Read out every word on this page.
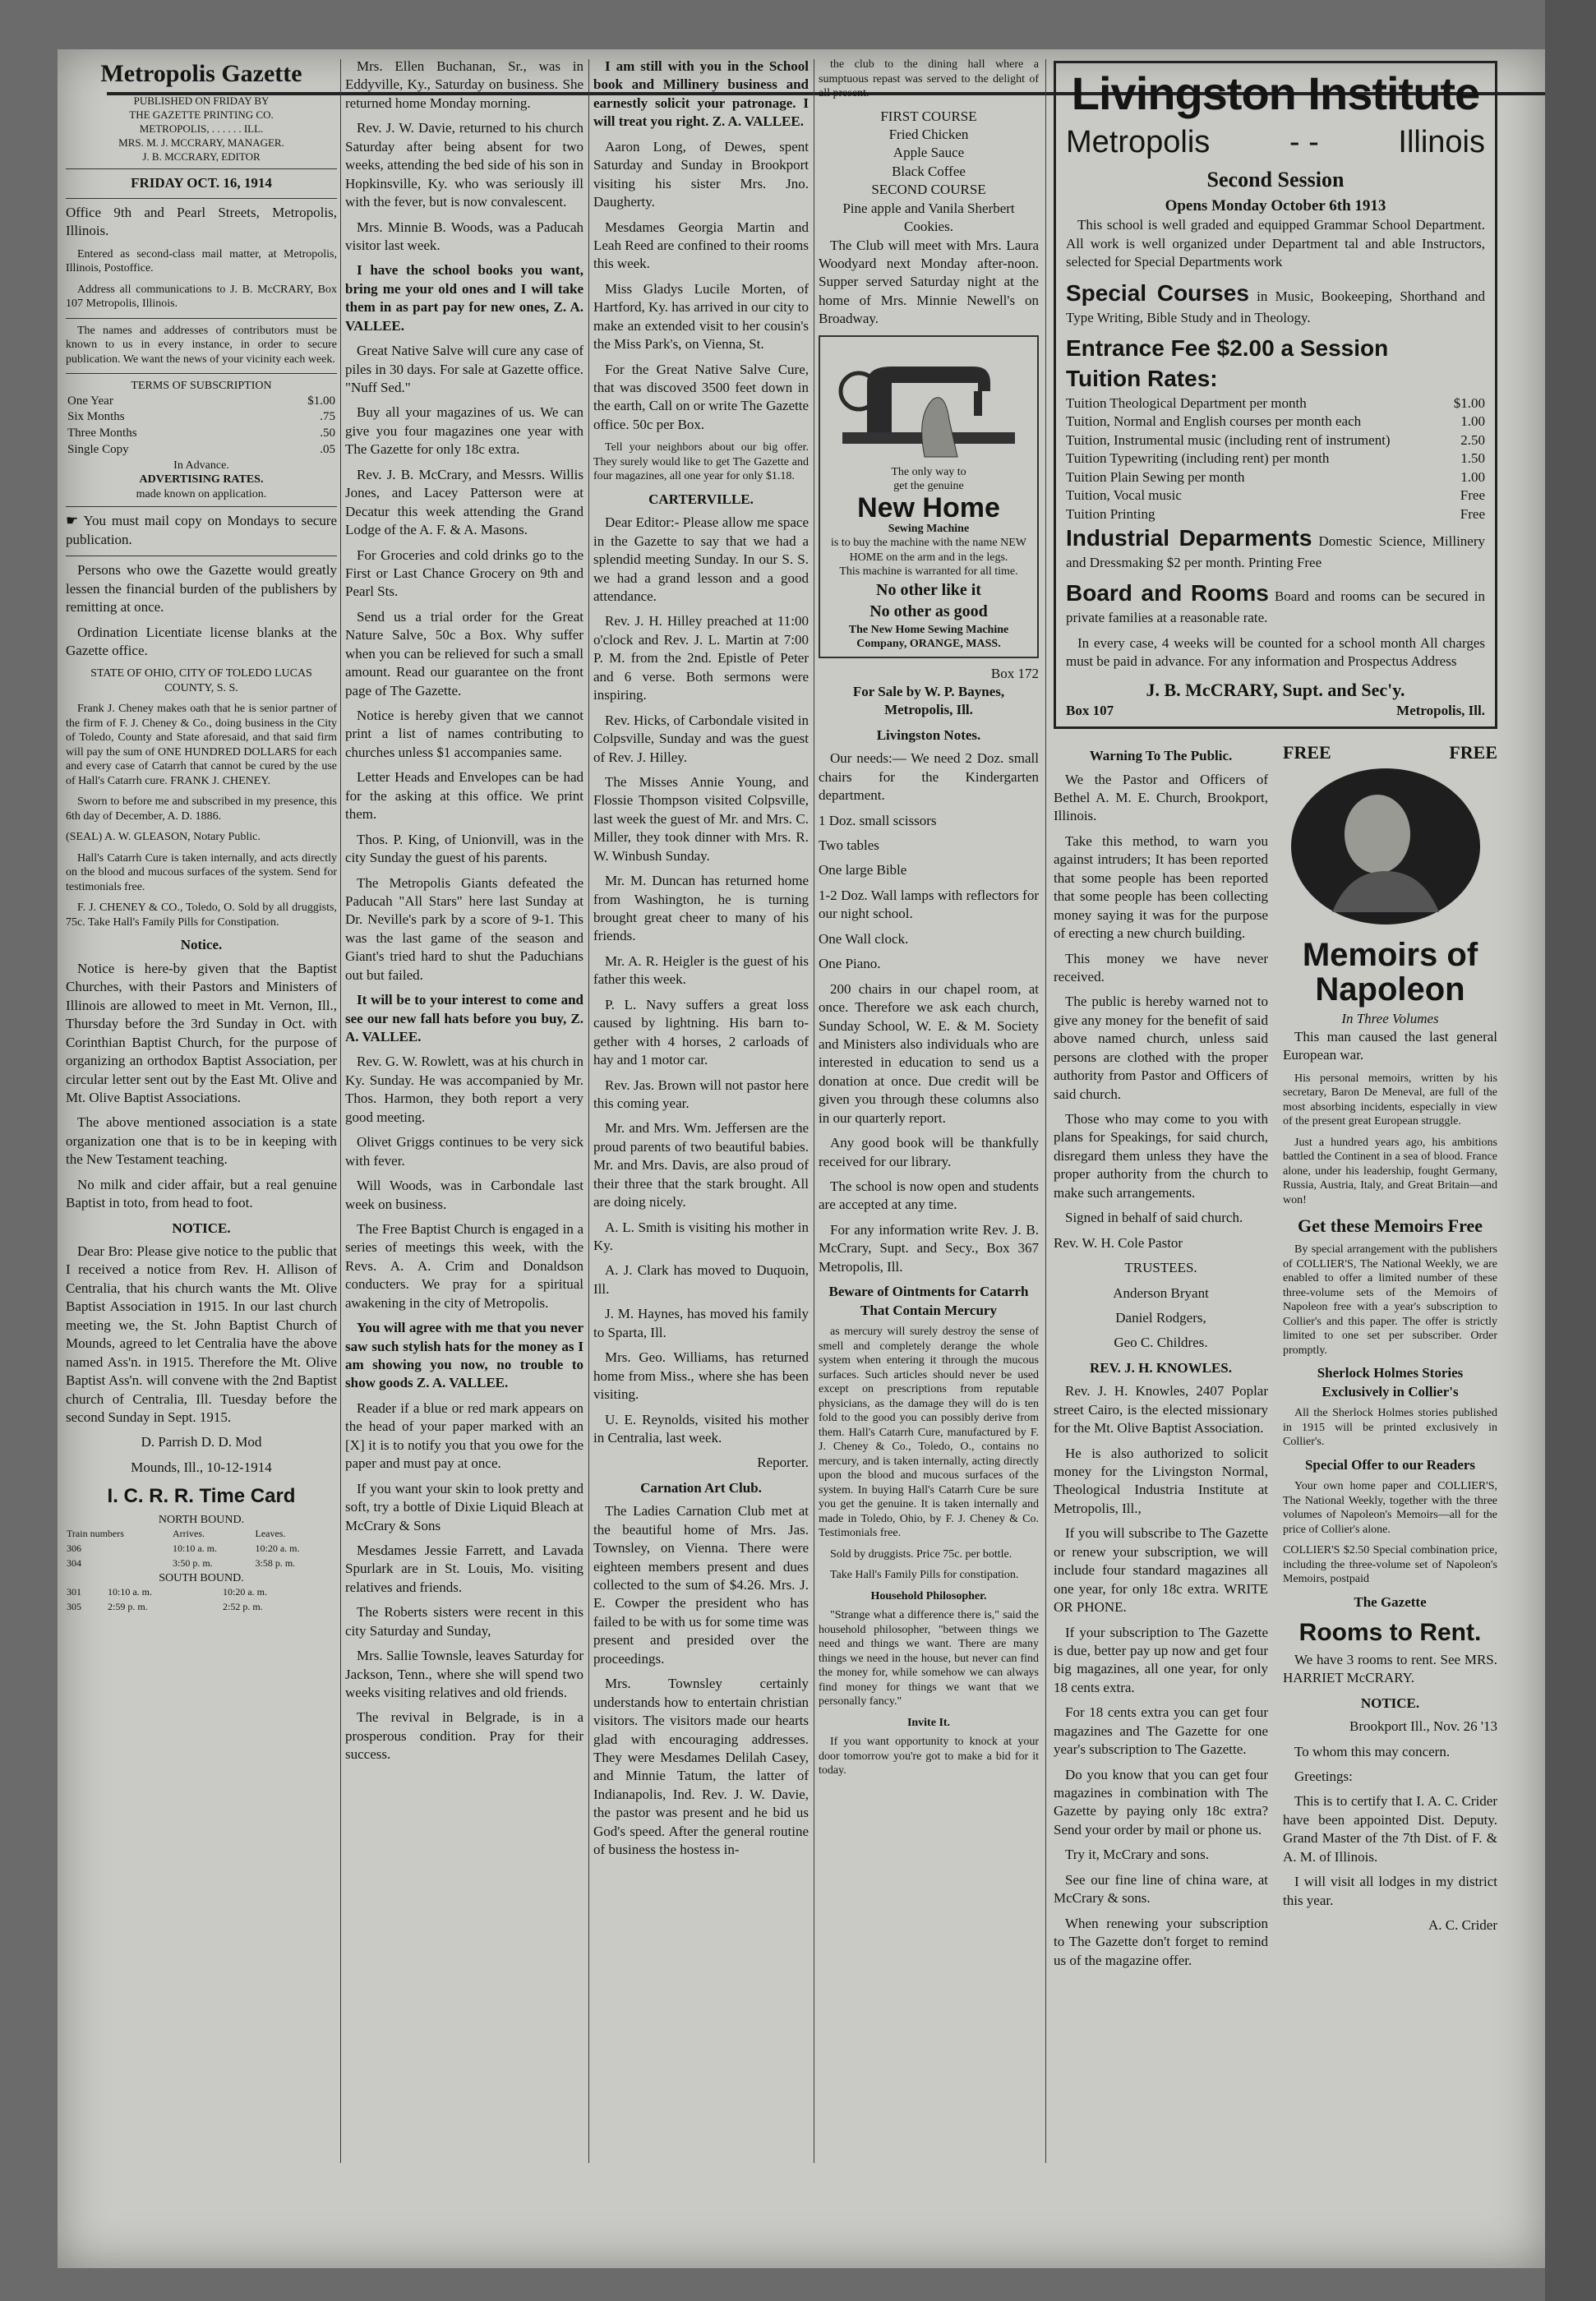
Metropolis Gazette
PUBLISHED ON FRIDAY BY
THE GAZETTE PRINTING CO.
METROPOLIS, . . . . . . ILL.
MRS. M. J. MCCRARY, MANAGER.
J. B. MCCRARY, EDITOR
FRIDAY OCT. 16, 1914

Office 9th and Pearl Streets, Metropolis, Illinois.

Entered as second-class mail matter, at Metropolis, Illinois, Postoffice.

Address all communications to J. B. McCRARY, Box 107 Metropolis, Illinois.

The names and addresses of contributors must be known to us in every instance, in order to secure publication. We want the news of your vicinity each week.

TERMS OF SUBSCRIPTION
One Year	$1.00
Six Months	.75
Three Months	.50
Single Copy	.05
In Advance.
ADVERTISING RATES.
made known on application.

☛ You must mail copy on Mondays to secure publication.

Persons who owe the Gazette would greatly lessen the financial burden of the publishers by remitting at once.

Ordination Licentiate license blanks at the Gazette office.

STATE OF OHIO, CITY OF TOLEDO LUCAS COUNTY, S. S.

Frank J. Cheney makes oath that he is senior partner of the firm of F. J. Cheney & Co., doing business in the City of Toledo, County and State aforesaid, and that said firm will pay the sum of ONE HUNDRED DOLLARS for each and every case of Catarrh that cannot be cured by the use of Hall's Catarrh cure. FRANK J. CHENEY.

Sworn to before me and subscribed in my presence, this 6th day of December, A. D. 1886.

(SEAL) A. W. GLEASON, Notary Public.

Hall's Catarrh Cure is taken internally, and acts directly on the blood and mucous surfaces of the system. Send for testimonials free.

F. J. CHENEY & CO., Toledo, O. Sold by all druggists, 75c. Take Hall's Family Pills for Constipation.

Notice.

Notice is here-by given that the Baptist Churches, with their Pastors and Ministers of Illinois are allowed to meet in Mt. Vernon, Ill., Thursday before the 3rd Sunday in Oct. with Corinthian Baptist Church, for the purpose of organizing an orthodox Baptist Association, per circular letter sent out by the East Mt. Olive and Mt. Olive Baptist Associations.

The above mentioned association is a state organization one that is to be in keeping with the New Testament teaching.

No milk and cider affair, but a real genuine Baptist in toto, from head to foot.

NOTICE.

Dear Bro: Please give notice to the public that I received a notice from Rev. H. Allison of Centralia, that his church wants the Mt. Olive Baptist Association in 1915. In our last church meeting we, the St. John Baptist Church of Mounds, agreed to let Centralia have the above named Ass'n. in 1915. Therefore the Mt. Olive Baptist Ass'n. will convene with the 2nd Baptist church of Centralia, Ill. Tuesday before the second Sunday in Sept. 1915.

D. Parrish D. D. Mod

Mounds, Ill., 10-12-1914

I. C. R. R. Time Card
NORTH BOUND.
Train numbers	Arrives.	Leaves.
306	10:10 a. m.	10:20 a. m.
304	3:50 p. m.	3:58 p. m.
SOUTH BOUND.
301	10:10 a. m.	10:20 a. m.
305	2:59 p. m.	2:52 p. m.

Mrs. Ellen Buchanan, Sr., was in Eddyville, Ky., Saturday on business. She returned home Monday morning.

Rev. J. W. Davie, returned to his church Saturday after being absent for two weeks, attending the bed side of his son in Hopkinsville, Ky. who was seriously ill with the fever, but is now convalescent.

Mrs. Minnie B. Woods, was a Paducah visitor last week.

I have the school books you want, bring me your old ones and I will take them in as part pay for new ones, Z. A. VALLEE.

Great Native Salve will cure any case of piles in 30 days. For sale at Gazette office. "Nuff Sed."

Buy all your magazines of us. We can give you four magazines one year with The Gazette for only 18c extra.

Rev. J. B. McCrary, and Messrs. Willis Jones, and Lacey Patterson were at Decatur this week attending the Grand Lodge of the A. F. & A. Masons.

For Groceries and cold drinks go to the First or Last Chance Grocery on 9th and Pearl Sts.

Send us a trial order for the Great Nature Salve, 50c a Box. Why suffer when you can be relieved for such a small amount. Read our guarantee on the front page of The Gazette.

Notice is hereby given that we cannot print a list of names contributing to churches unless $1 accompanies same.

Letter Heads and Envelopes can be had for the asking at this office. We print them.

Thos. P. King, of Unionvill, was in the city Sunday the guest of his parents.

The Metropolis Giants defeated the Paducah "All Stars" here last Sunday at Dr. Neville's park by a score of 9-1. This was the last game of the season and Giant's tried hard to shut the Paduchians out but failed.

It will be to your interest to come and see our new fall hats before you buy, Z. A. VALLEE.

Rev. G. W. Rowlett, was at his church in Ky. Sunday. He was accompanied by Mr. Thos. Harmon, they both report a very good meeting.

Olivet Griggs continues to be very sick with fever.

Will Woods, was in Carbondale last week on business.

The Free Baptist Church is engaged in a series of meetings this week, with the Revs. A. A. Crim and Donaldson conducters. We pray for a spiritual awakening in the city of Metropolis.

You will agree with me that you never saw such stylish hats for the money as I am showing you now, no trouble to show goods Z. A. VALLEE.

Reader if a blue or red mark appears on the head of your paper marked with an [X] it is to notify you that you owe for the paper and must pay at once.

If you want your skin to look pretty and soft, try a bottle of Dixie Liquid Bleach at McCrary & Sons

Mesdames Jessie Farrett, and Lavada Spurlark are in St. Louis, Mo. visiting relatives and friends.

The Roberts sisters were recent in this city Saturday and Sunday,

Mrs. Sallie Townsle, leaves Saturday for Jackson, Tenn., where she will spend two weeks visiting relatives and old friends.

The revival in Belgrade, is in a prosperous condition. Pray for their success.

I am still with you in the School book and Millinery business and earnestly solicit your patronage. I will treat you right. Z. A. VALLEE.

Aaron Long, of Dewes, spent Saturday and Sunday in Brookport visiting his sister Mrs. Jno. Daugherty.

Mesdames Georgia Martin and Leah Reed are confined to their rooms this week.

Miss Gladys Lucile Morten, of Hartford, Ky. has arrived in our city to make an extended visit to her cousin's the Miss Park's, on Vienna, St.

For the Great Native Salve Cure, that was discoved 3500 feet down in the earth, Call on or write The Gazette office. 50c per Box.

Tell your neighbors about our big offer. They surely would like to get The Gazette and four magazines, all one year for only $1.18.

CARTERVILLE.

Dear Editor:- Please allow me space in the Gazette to say that we had a splendid meeting Sunday. In our S. S. we had a grand lesson and a good attendance.

Rev. J. H. Hilley preached at 11:00 o'clock and Rev. J. L. Martin at 7:00 P. M. from the 2nd. Epistle of Peter and 6 verse. Both sermons were inspiring.

Rev. Hicks, of Carbondale visited in Colpsville, Sunday and was the guest of Rev. J. Hilley.

The Misses Annie Young, and Flossie Thompson visited Colpsville, last week the guest of Mr. and Mrs. C. Miller, they took dinner with Mrs. R. W. Winbush Sunday.

Mr. M. Duncan has returned home from Washington, he is turning brought great cheer to many of his friends.

Mr. A. R. Heigler is the guest of his father this week.

P. L. Navy suffers a great loss caused by lightning. His barn to-gether with 4 horses, 2 carloads of hay and 1 motor car.

Rev. Jas. Brown will not pastor here this coming year.

Mr. and Mrs. Wm. Jeffersen are the proud parents of two beautiful babies. Mr. and Mrs. Davis, are also proud of their three that the stark brought. All are doing nicely.

A. L. Smith is visiting his mother in Ky.

A. J. Clark has moved to Duquoin, Ill.

J. M. Haynes, has moved his family to Sparta, Ill.

Mrs. Geo. Williams, has returned home from Miss., where she has been visiting.

U. E. Reynolds, visited his mother in Centralia, last week.

Reporter.

Carnation Art Club.

The Ladies Carnation Club met at the beautiful home of Mrs. Jas. Townsley, on Vienna. There were eighteen members present and dues collected to the sum of $4.26. Mrs. J. E. Cowper the president who has failed to be with us for some time was present and presided over the proceedings.

Mrs. Townsley certainly understands how to entertain christian visitors. The visitors made our hearts glad with encouraging addresses. They were Mesdames Delilah Casey, and Minnie Tatum, the latter of Indianapolis, Ind. Rev. J. W. Davie, the pastor was present and he bid us God's speed. After the general routine of business the hostess in-

the club to the dining hall where a sumptuous repast was served to the delight of all present.

FIRST COURSE
Fried Chicken
Apple Sauce
Black Coffee
SECOND COURSE
Pine apple and Vanila Sherbert
Cookies.

The Club will meet with Mrs. Laura Woodyard next Monday after-noon. Supper served Saturday night at the home of Mrs. Minnie Newell's on Broadway.

The only way to
get the genuine
New Home
Sewing Machine
is to buy the machine with the name NEW HOME on the arm and in the legs.
This machine is warranted for all time.
No other like it
No other as good
The New Home Sewing Machine Company, ORANGE, MASS.
Box 172
For Sale by W. P. Baynes, Metropolis, Ill.
Livingston Notes.

Our needs:— We need 2 Doz. small chairs for the Kindergarten department.

1 Doz. small scissors

Two tables

One large Bible

1-2 Doz. Wall lamps with reflectors for our night school.

One Wall clock.

One Piano.

200 chairs in our chapel room, at once. Therefore we ask each church, Sunday School, W. E. & M. Society and Ministers also individuals who are interested in education to send us a donation at once. Due credit will be given you through these columns also in our quarterly report.

Any good book will be thankfully received for our library.

The school is now open and students are accepted at any time.

For any information write Rev. J. B. McCrary, Supt. and Secy., Box 367 Metropolis, Ill.

Beware of Ointments for Catarrh That Contain Mercury

as mercury will surely destroy the sense of smell and completely derange the whole system when entering it through the mucous surfaces. Such articles should never be used except on prescriptions from reputable physicians, as the damage they will do is ten fold to the good you can possibly derive from them. Hall's Catarrh Cure, manufactured by F. J. Cheney & Co., Toledo, O., contains no mercury, and is taken internally, acting directly upon the blood and mucous surfaces of the system. In buying Hall's Catarrh Cure be sure you get the genuine. It is taken internally and made in Toledo, Ohio, by F. J. Cheney & Co. Testimonials free.

Sold by druggists. Price 75c. per bottle.

Take Hall's Family Pills for constipation.

Household Philosopher.

"Strange what a difference there is," said the household philosopher, "between things we need and things we want. There are many things we need in the house, but never can find the money for, while somehow we can always find money for things we want that we personally fancy."

Invite It.

If you want opportunity to knock at your door tomorrow you're got to make a bid for it today.

Livingston Institute
Metropolis	- -	Illinois
Second Session
Opens Monday October 6th 1913

This school is well graded and equipped Grammar School Department. All work is well organized under Department tal and able Instructors, selected for Special Departments work

Special Courses in Music, Bookeeping, Shorthand and Type Writing, Bible Study and in Theology.

Entrance Fee $2.00 a Session
Tuition Rates:
Tuition Theological Department per month	$1.00
Tuition, Normal and English courses per month each	1.00
Tuition, Instrumental music (including rent of instrument)	2.50
Tuition Typewriting (including rent) per month	1.50
Tuition Plain Sewing per month	1.00
Tuition, Vocal music	Free
Tuition Printing	Free

Industrial Deparments Domestic Science, Millinery and Dressmaking $2 per month. Printing Free

Board and Rooms Board and rooms can be secured in private families at a reasonable rate.

In every case, 4 weeks will be counted for a school month All charges must be paid in advance. For any information and Prospectus Address

J. B. McCRARY, Supt. and Sec'y.
Box 107	Metropolis, Ill.
Warning To The Public.

We the Pastor and Officers of Bethel A. M. E. Church, Brookport, Illinois.

Take this method, to warn you against intruders; It has been reported that some people has been reported that some people has been collecting money saying it was for the purpose of erecting a new church building.

This money we have never received.

The public is hereby warned not to give any money for the benefit of said above named church, unless said persons are clothed with the proper authority from Pastor and Officers of said church.

Those who may come to you with plans for Speakings, for said church, disregard them unless they have the proper authority from the church to make such arrangements.

Signed in behalf of said church.

Rev. W. H. Cole Pastor

TRUSTEES.

Anderson Bryant

Daniel Rodgers,

Geo C. Childres.

REV. J. H. KNOWLES.

Rev. J. H. Knowles, 2407 Poplar street Cairo, is the elected missionary for the Mt. Olive Baptist Association.

He is also authorized to solicit money for the Livingston Normal, Theological Industria Institute at Metropolis, Ill.,

If you will subscribe to The Gazette or renew your subscription, we will include four standard magazines all one year, for only 18c extra. WRITE OR PHONE.

If your subscription to The Gazette is due, better pay up now and get four big magazines, all one year, for only 18 cents extra.

For 18 cents extra you can get four magazines and The Gazette for one year's subscription to The Gazette.

Do you know that you can get four magazines in combination with The Gazette by paying only 18c extra? Send your order by mail or phone us.

Try it, McCrary and sons.

See our fine line of china ware, at McCrary & sons.

When renewing your subscription to The Gazette don't forget to remind us of the magazine offer.

FREE	FREE
Memoirs of Napoleon
In Three Volumes

This man caused the last general European war.

His personal memoirs, written by his secretary, Baron De Meneval, are full of the most absorbing incidents, especially in view of the present great European struggle.

Just a hundred years ago, his ambitions battled the Continent in a sea of blood. France alone, under his leadership, fought Germany, Russia, Austria, Italy, and Great Britain—and won!

Get these Memoirs Free

By special arrangement with the publishers of COLLIER'S, The National Weekly, we are enabled to offer a limited number of these three-volume sets of the Memoirs of Napoleon free with a year's subscription to Collier's and this paper. The offer is strictly limited to one set per subscriber. Order promptly.

Sherlock Holmes Stories Exclusively in Collier's

All the Sherlock Holmes stories published in 1915 will be printed exclusively in Collier's.

Special Offer to our Readers

Your own home paper and COLLIER'S, The National Weekly, together with the three volumes of Napoleon's Memoirs—all for the price of Collier's alone.

COLLIER'S $2.50 Special combination price, including the three-volume set of Napoleon's Memoirs, postpaid

The Gazette
Rooms to Rent.

We have 3 rooms to rent. See MRS. HARRIET McCRARY.

NOTICE.

Brookport Ill., Nov. 26 '13

To whom this may concern.

Greetings:

This is to certify that I. A. C. Crider have been appointed Dist. Deputy. Grand Master of the 7th Dist. of F. & A. M. of Illinois.

I will visit all lodges in my district this year.

A. C. Crider
